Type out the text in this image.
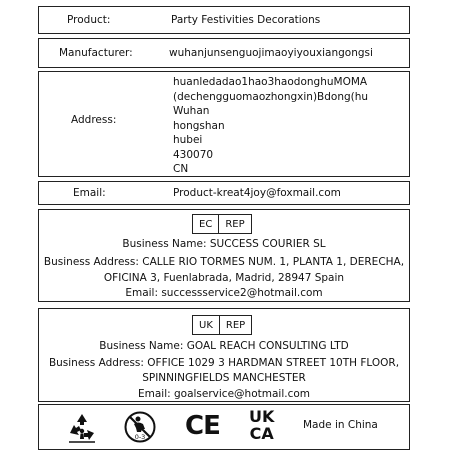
Product:	Party Festivities Decorations
Manufacturer:	wuhanjunsenguojimaoyiyouxiangongsi
Address:
huanledadao1hao3haodonghuMOMA
(dechengguomaozhongxin)Bdong(hu
Wuhan
hongshan
hubei
430070
CN
Email:	Product-kreat4joy@foxmail.com
EC	REP
Business Name: SUCCESS COURIER SL
Business Address: CALLE RIO TORMES NUM. 1, PLANTA 1, DERECHA,
OFICINA 3, Fuenlabrada, Madrid, 28947 Spain
Email: successservice2@hotmail.com
UK	REP
Business Name: GOAL REACH CONSULTING LTD
Business Address: OFFICE 1029 3 HARDMAN STREET 10TH FLOOR,
SPINNINGFIELDS MANCHESTER
Email: goalservice@hotmail.com
0-3 CE UK
CA	Made in China
